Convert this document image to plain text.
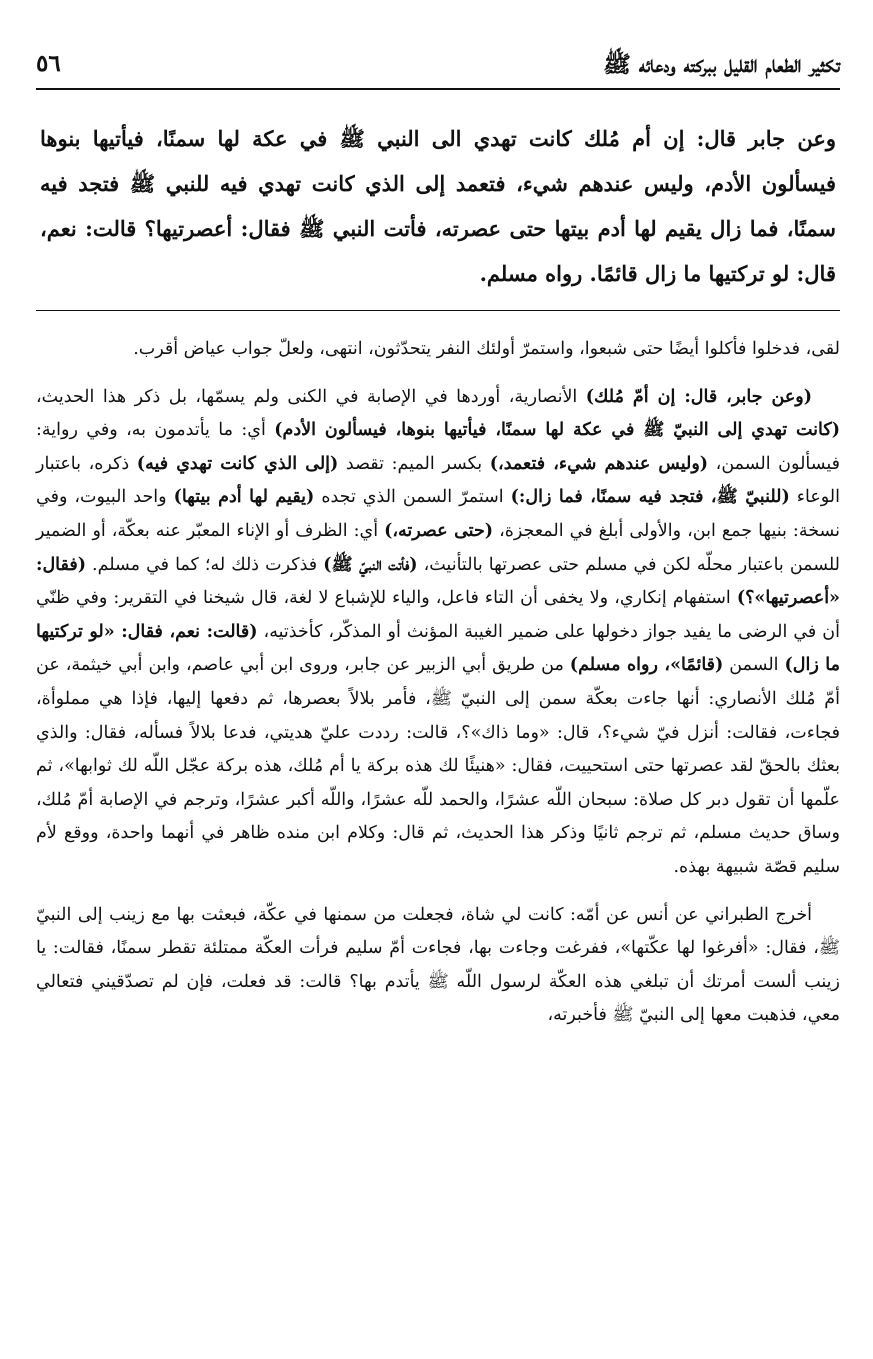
تكثير الطعام القليل ببركته ودعائه ﷺ
٥٦
وعن جابر قال: إن أم مُلك كانت تهدي الى النبي ﷺ في عكة لها سمنًا، فيأتيها بنوها فيسألون الأدم، وليس عندهم شيء، فتعمد إلى الذي كانت تهدي فيه للنبي ﷺ فتجد فيه سمنًا، فما زال يقيم لها أدم بيتها حتى عصرته، فأتت النبي ﷺ فقال: أعصرتيها؟ قالت: نعم، قال: لو تركتيها ما زال قائمًا. رواه مسلم.

لقى، فدخلوا فأكلوا أيضًا حتى شبعوا، واستمرّ أولئك النفر يتحدّثون، انتهى، ولعلّ جواب عياض أقرب.

(وعن جابر، قال: إن أمّ مُلك) الأنصارية، أوردها في الإصابة في الكنى ولم يسمّها، بل ذكر هذا الحديث، (كانت تهدي إلى النبيّ ﷺ في عكة لها سمنًا، فيأتيها بنوها، فيسألون الأدم) أي: ما يأتدمون به، وفي رواية: فيسألون السمن، (وليس عندهم شيء، فتعمد،) بكسر الميم: تقصد (إلى الذي كانت تهدي فيه) ذكره، باعتبار الوعاء (للنبيّ ﷺ، فتجد فيه سمنًا، فما زال:) استمرّ السمن الذي تجده (يقيم لها أدم بيتها) واحد البيوت، وفي نسخة: بنيها جمع ابن، والأولى أبلغ في المعجزة، (حتى عصرته،) أي: الظرف أو الإناء المعبّر عنه بعكّة، أو الضمير للسمن باعتبار محلّه لكن في مسلم حتى عصرتها بالتأنيث، (فأتت النبيّ ﷺ) فذكرت ذلك له؛ كما في مسلم. (فقال: «أعصرتيها»؟) استفهام إنكاري، ولا يخفى أن التاء فاعل، والياء للإشباع لا لغة، قال شيخنا في التقرير: وفي ظنّي أن في الرضى ما يفيد جواز دخولها على ضمير الغيبة المؤنث أو المذكّر، كأخذتيه، (قالت: نعم، فقال: «لو تركتيها ما زال) السمن (قائمًا»، رواه مسلم) من طريق أبي الزبير عن جابر، وروى ابن أبي عاصم، وابن أبي خيثمة، عن أمّ مُلك الأنصاري: أنها جاءت بعكّة سمن إلى النبيّ ﷺ، فأمر بلالاً بعصرها، ثم دفعها إليها، فإذا هي مملوأة، فجاءت، فقالت: أنزل فيّ شيء؟، قال: «وما ذاك»؟، قالت: رددت عليّ هديتي، فدعا بلالاً فسأله، فقال: والذي بعثك بالحقّ لقد عصرتها حتى استحييت، فقال: «هنيئًا لك هذه بركة يا أم مُلك، هذه بركة عجّل اللّه لك ثوابها»، ثم علّمها أن تقول دبر كل صلاة: سبحان اللّه عشرًا، والحمد للّه عشرًا، واللّه أكبر عشرًا، وترجم في الإصابة أمّ مُلك، وساق حديث مسلم، ثم ترجم ثانيًا وذكر هذا الحديث، ثم قال: وكلام ابن منده ظاهر في أنهما واحدة، ووقع لأم سليم قصّة شبيهة بهذه.

أخرج الطبراني عن أنس عن أمّه: كانت لي شاة، فجعلت من سمنها في عكّة، فبعثت بها مع زينب إلى النبيّ ﷺ، فقال: «أفرغوا لها عكّتها»، ففرغت وجاءت بها، فجاءت أمّ سليم فرأت العكّة ممتلئة تقطر سمنًا، فقالت: يا زينب ألست أمرتك أن تبلغي هذه العكّة لرسول اللّه ﷺ يأتدم بها؟ قالت: قد فعلت، فإن لم تصدّقيني فتعالي معي، فذهبت معها إلى النبيّ ﷺ فأخبرته،
